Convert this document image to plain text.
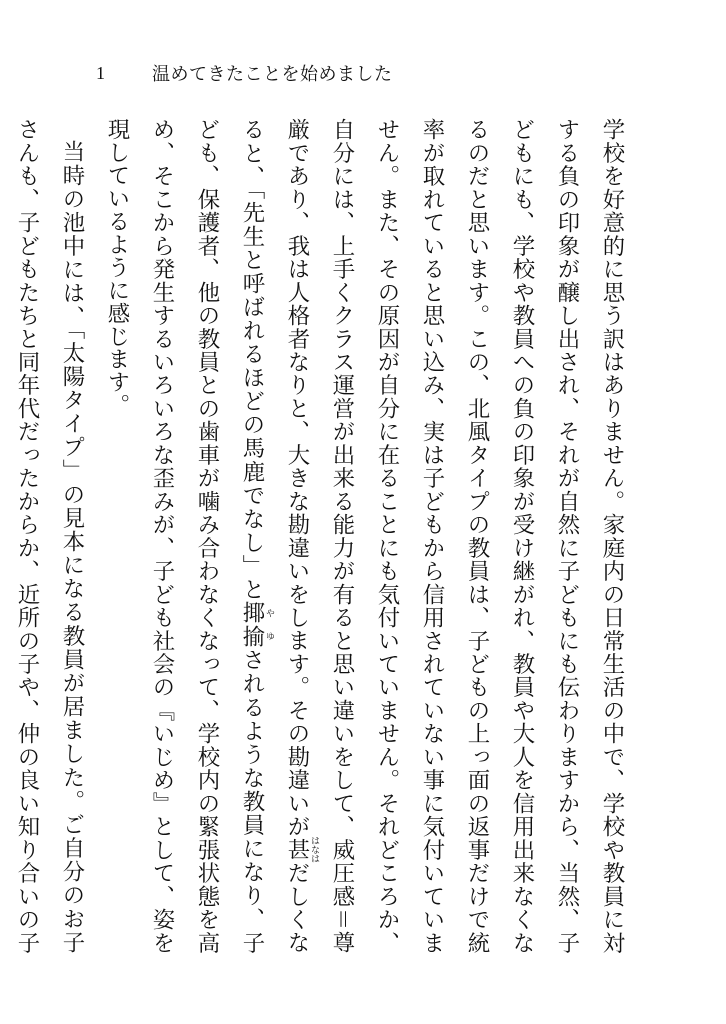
1	温めてきたことを始めました

学校を好意的に思う訳はありません。家庭内の日常生活の中で、学校や教員に対する負の印象が醸し出され、それが自然に子どもにも伝わりますから、当然、子どもにも、学校や教員への負の印象が受け継がれ、教員や大人を信用出来なくなるのだと思います。この、北風タイプの教員は、子どもの上っ面の返事だけで統率が取れていると思い込み、実は子どもから信用されていない事に気付いていません。また、その原因が自分に在ることにも気付いていません。それどころか、自分には、上手くクラス運営が出来る能力が有ると思い違いをして、威圧感＝尊厳であり、我は人格者なりと、大きな勘違いをします。その勘違いが甚 はなはだしくなると、「先生と呼ばれるほどの馬鹿でなし」と揶揄 やゆされるような教員になり、子ども、保護者、他の教員との歯車が噛み合わなくなって、学校内の緊張状態を高め、そこから発生するいろいろな歪みが、子ども社会の『いじめ』として、姿を現しているように感じます。

当時の池中には、「太陽タイプ」の見本になる教員が居ました。ご自分のお子さんも、子どもたちと同年代だったからか、近所の子や、仲の良い知り合いの子
